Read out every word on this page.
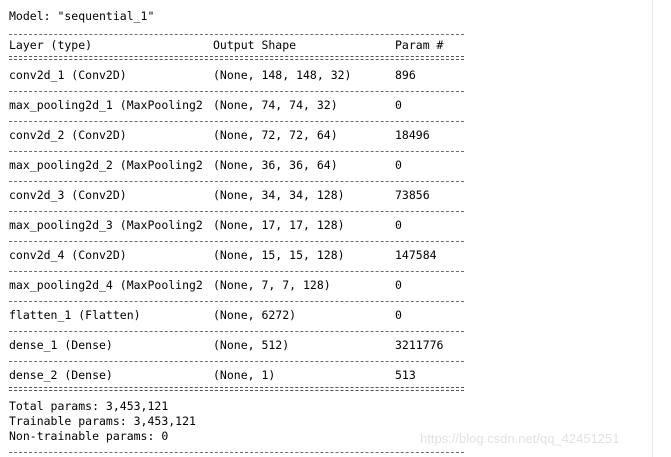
Model: "sequential_1"
Layer (type)	Output Shape	Param #
conv2d_1 (Conv2D)	(None, 148, 148, 32)	896
max_pooling2d_1 (MaxPooling2 (None, 74, 74, 32)	0
conv2d_2 (Conv2D)	(None, 72, 72, 64)	18496
max_pooling2d_2 (MaxPooling2 (None, 36, 36, 64)	0
conv2d_3 (Conv2D)	(None, 34, 34, 128)	73856
max_pooling2d_3 (MaxPooling2 (None, 17, 17, 128)	0
conv2d_4 (Conv2D)	(None, 15, 15, 128)	147584
max_pooling2d_4 (MaxPooling2 (None, 7, 7, 128)	0
flatten_1 (Flatten)	(None, 6272)	0
dense_1 (Dense)	(None, 512)	3211776
dense_2 (Dense)	(None, 1)	513
Total params: 3,453,121
Trainable params: 3,453,121
Non-trainable params: 0	https://blog.csdn.net/qq_42451251
